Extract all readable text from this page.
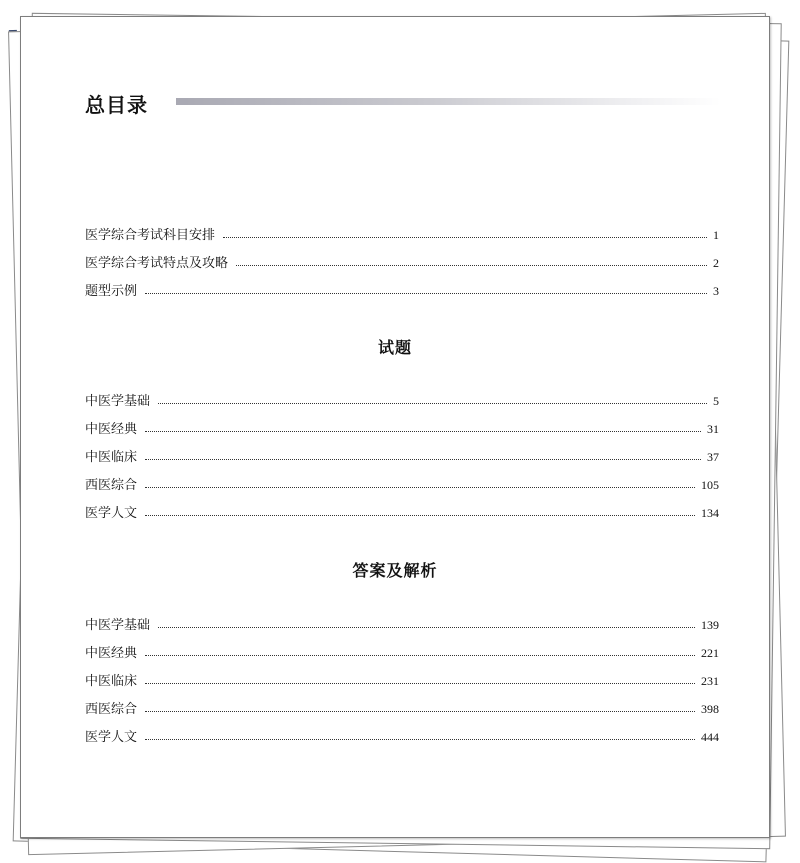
总目录
医学综合考试科目安排	1
医学综合考试特点及攻略	2
题型示例	3
试题
中医学基础	5
中医经典	31
中医临床	37
西医综合	105
医学人文	134
答案及解析
中医学基础	139
中医经典	221
中医临床	231
西医综合	398
医学人文	444
